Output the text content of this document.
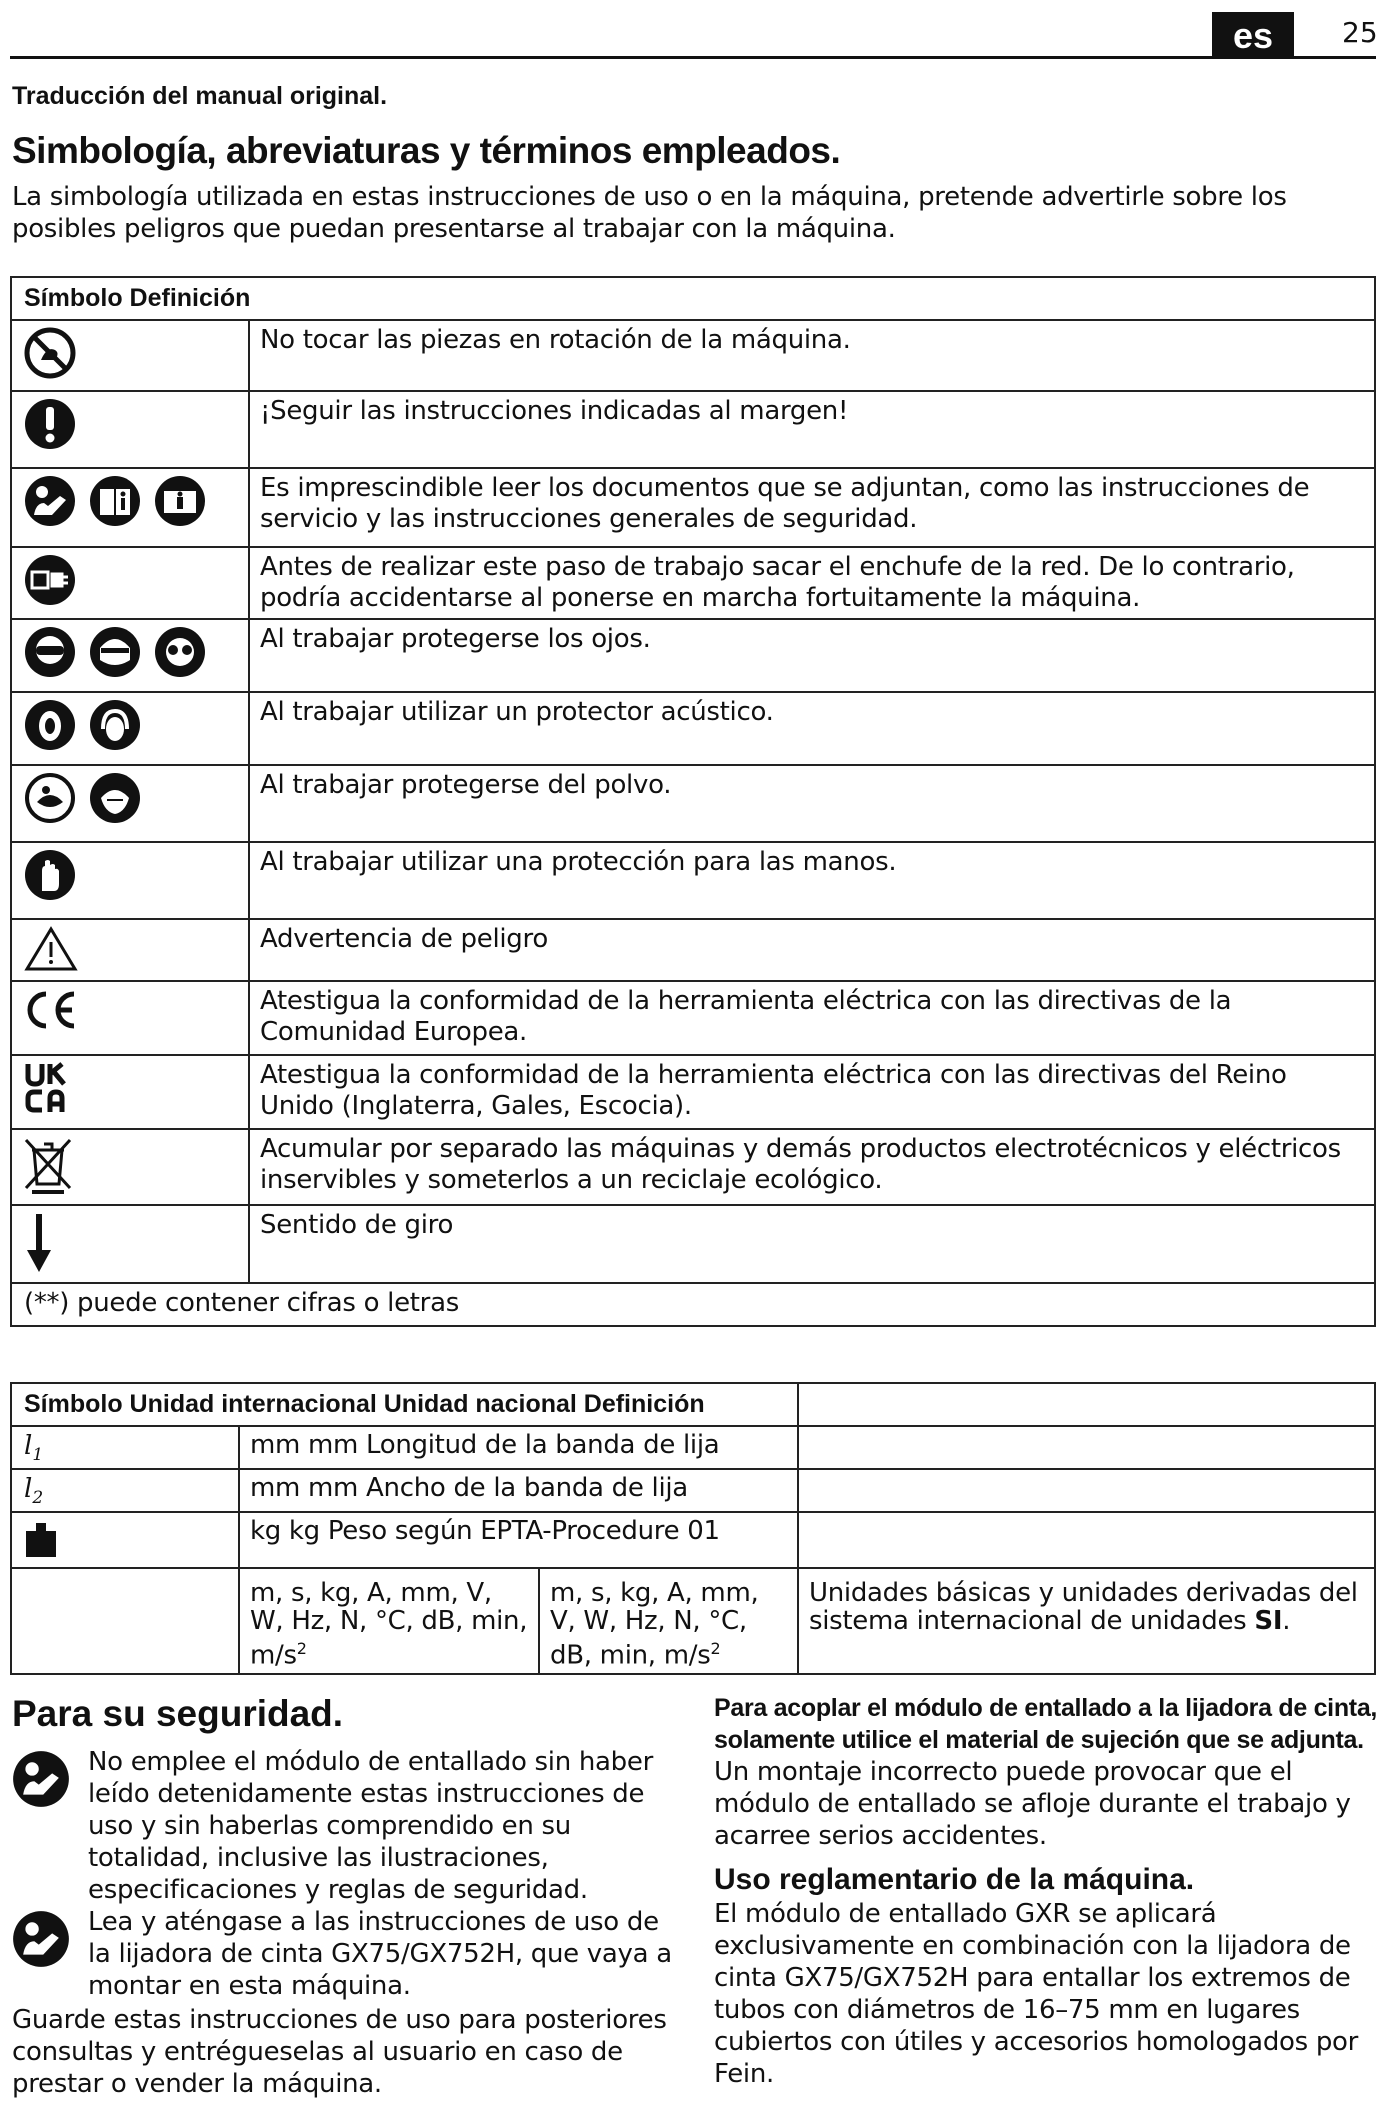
es	25
Traducción del manual original.
Simbología, abreviaturas y términos empleados.
La simbología utilizada en estas instrucciones de uso o en la máquina, pretende advertirle sobre los posibles peligros que puedan presentarse al trabajar con la máquina.
Símbolo Definición	
	No tocar las piezas en rotación de la máquina.
	¡Seguir las instrucciones indicadas al margen!
	Es imprescindible leer los documentos que se adjuntan, como las instrucciones de servicio y las instrucciones generales de seguridad.
	Antes de realizar este paso de trabajo sacar el enchufe de la red. De lo contrario, podría accidentarse al ponerse en marcha fortuitamente la máquina.
	Al trabajar protegerse los ojos.
	Al trabajar utilizar un protector acústico.
	Al trabajar protegerse del polvo.
	Al trabajar utilizar una protección para las manos.
	Advertencia de peligro
	Atestigua la conformidad de la herramienta eléctrica con las directivas de la Comunidad Europea.
	Atestigua la conformidad de la herramienta eléctrica con las directivas del Reino Unido (Inglaterra, Gales, Escocia).
	Acumular por separado las máquinas y demás productos electrotécnicos y eléctricos inservibles y someterlos a un reciclaje ecológico.
	Sentido de giro
(**) puede contener cifras o letras	
Símbolo Unidad internacional Unidad nacional Definición			
$l_1$	mm mm Longitud de la banda de lija		
$l_2$	mm mm Ancho de la banda de lija		
	kg kg Peso según EPTA-Procedure 01		
	m, s, kg, A, mm, V, W, Hz, N, °C, dB, min, $m/s^2$	m, s, kg, A, mm, V, W, Hz, N, °C, dB, min, $m/s^2$	Unidades básicas y unidades derivadas del sistema internacional de unidades SI.
Para su seguridad.
No emplee el módulo de entallado sin haber leído detenidamente estas instrucciones de uso y sin haberlas comprendido en su totalidad, inclusive las ilustraciones, especificaciones y reglas de seguridad.
Lea y aténgase a las instrucciones de uso de la lijadora de cinta GX75/GX752H, que vaya a montar en esta máquina.
Guarde estas instrucciones de uso para posteriores consultas y entrégueselas al usuario en caso de prestar o vender la máquina.
Para acoplar el módulo de entallado a la lijadora de cinta, solamente utilice el material de sujeción que se adjunta. Un montaje incorrecto puede provocar que el módulo de entallado se afloje durante el trabajo y acarree serios accidentes.
Uso reglamentario de la máquina.
El módulo de entallado GXR se aplicará exclusivamente en combinación con la lijadora de cinta GX75/GX752H para entallar los extremos de tubos con diámetros de 16–75 mm en lugares cubiertos con útiles y accesorios homologados por Fein.
